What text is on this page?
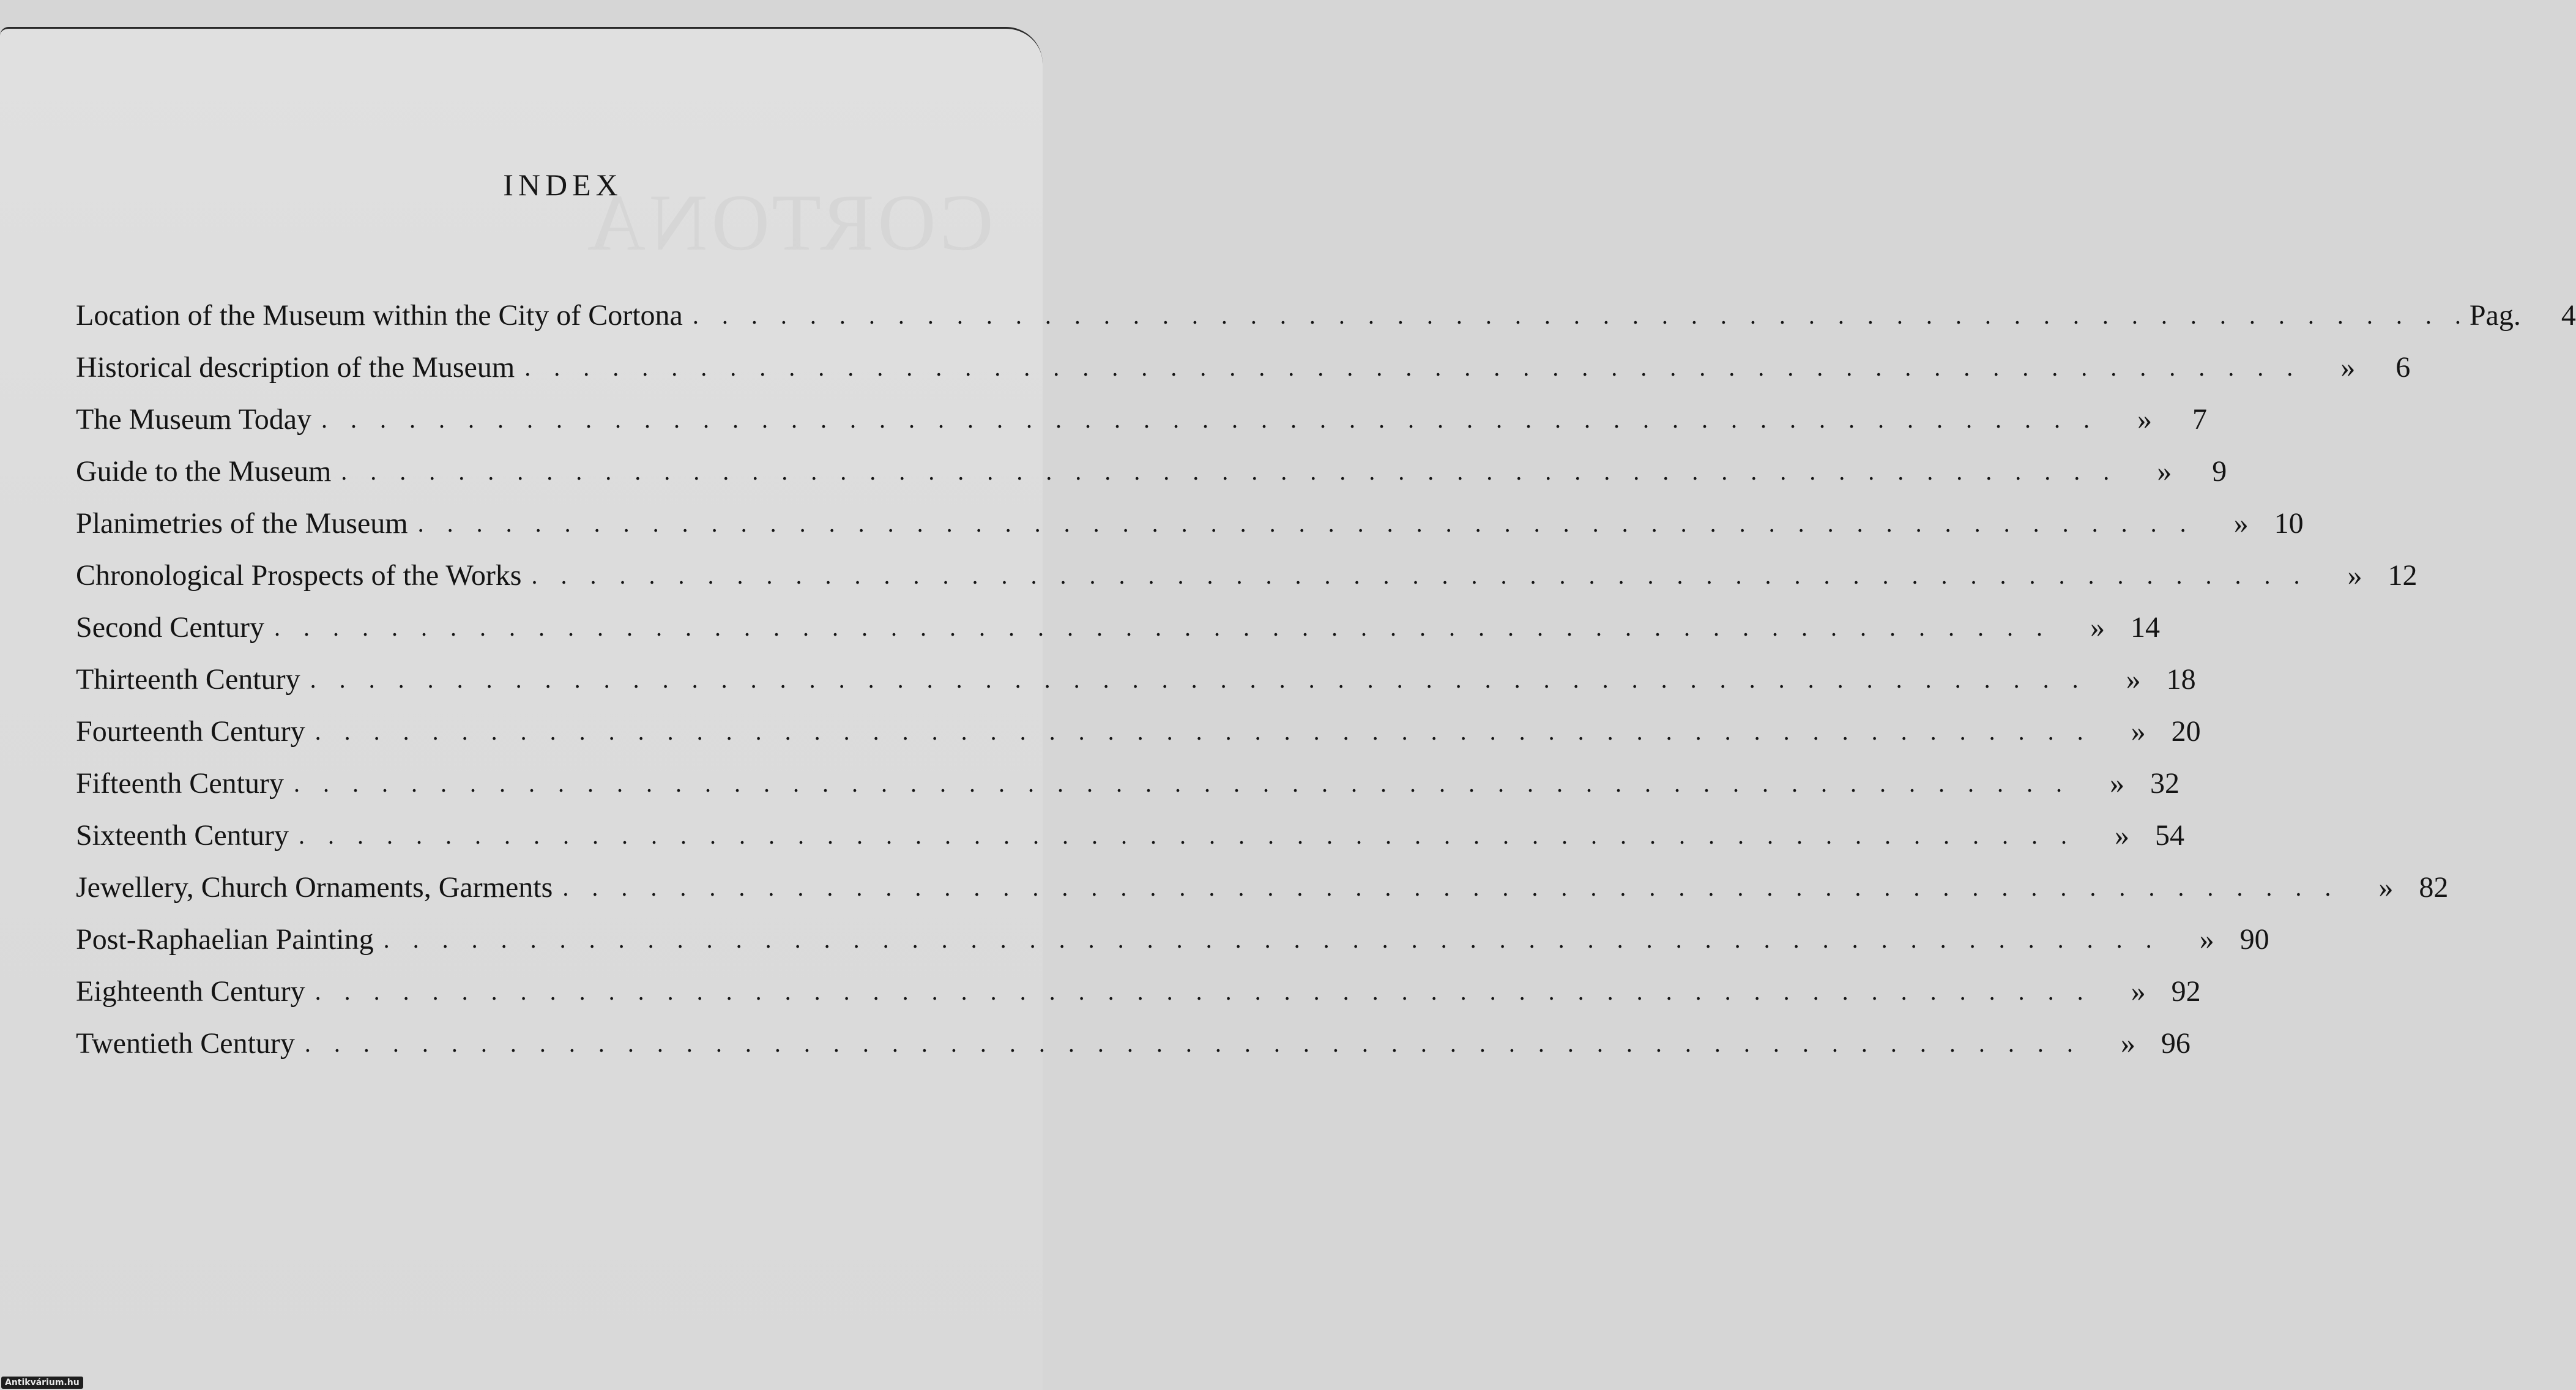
CORTONA
INDEX
Location of the Museum within the City of Cortona . . . . . . . . . . . . . . . . . . . . . . . . . . . . . . . . . . . . . . . . . . . . . . . . . . . . . . . . . . . . . Pag.	4
Historical description of the Museum . . . . . . . . . . . . . . . . . . . . . . . . . . . . . . . . . . . . . . . . . . . . . . . . . . . . . . . . . . . . .	»	6
The Museum Today . . . . . . . . . . . . . . . . . . . . . . . . . . . . . . . . . . . . . . . . . . . . . . . . . . . . . . . . . . . . .	»	7
Guide to the Museum . . . . . . . . . . . . . . . . . . . . . . . . . . . . . . . . . . . . . . . . . . . . . . . . . . . . . . . . . . . . .	»	9
Planimetries of the Museum . . . . . . . . . . . . . . . . . . . . . . . . . . . . . . . . . . . . . . . . . . . . . . . . . . . . . . . . . . . . .	» 10
Chronological Prospects of the Works . . . . . . . . . . . . . . . . . . . . . . . . . . . . . . . . . . . . . . . . . . . . . . . . . . . . . . . . . . . . .	» 12
Second Century . . . . . . . . . . . . . . . . . . . . . . . . . . . . . . . . . . . . . . . . . . . . . . . . . . . . . . . . . . . . .	» 14
Thirteenth Century . . . . . . . . . . . . . . . . . . . . . . . . . . . . . . . . . . . . . . . . . . . . . . . . . . . . . . . . . . . . .	» 18
Fourteenth Century . . . . . . . . . . . . . . . . . . . . . . . . . . . . . . . . . . . . . . . . . . . . . . . . . . . . . . . . . . . . .	» 20
Fifteenth Century . . . . . . . . . . . . . . . . . . . . . . . . . . . . . . . . . . . . . . . . . . . . . . . . . . . . . . . . . . . . .	» 32
Sixteenth Century . . . . . . . . . . . . . . . . . . . . . . . . . . . . . . . . . . . . . . . . . . . . . . . . . . . . . . . . . . . . .	» 54
Jewellery, Church Ornaments, Garments . . . . . . . . . . . . . . . . . . . . . . . . . . . . . . . . . . . . . . . . . . . . . . . . . . . . . . . . . . . . .	» 82
Post-Raphaelian Painting . . . . . . . . . . . . . . . . . . . . . . . . . . . . . . . . . . . . . . . . . . . . . . . . . . . . . . . . . . . . .	» 90
Eighteenth Century . . . . . . . . . . . . . . . . . . . . . . . . . . . . . . . . . . . . . . . . . . . . . . . . . . . . . . . . . . . . .	» 92
Twentieth Century . . . . . . . . . . . . . . . . . . . . . . . . . . . . . . . . . . . . . . . . . . . . . . . . . . . . . . . . . . . . .	» 96
Antikvárium.hu
